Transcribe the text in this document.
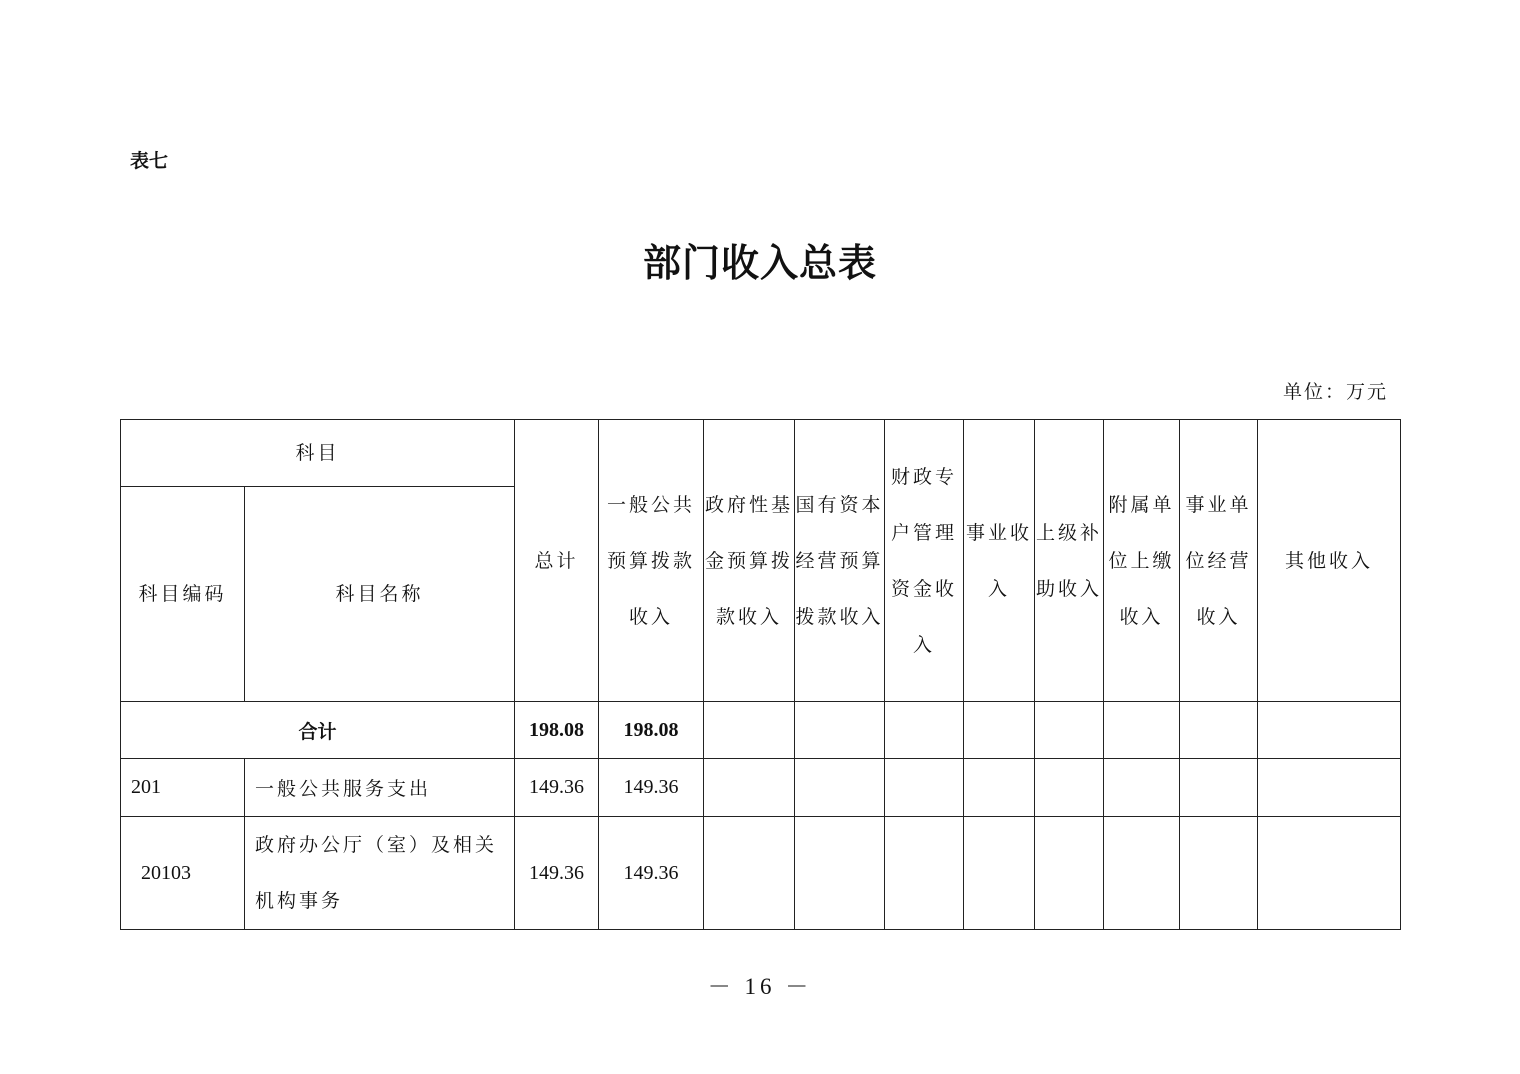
表七
部门收入总表
单位：万元
科目		总计	一般公共预算拨款收入	政府性基金预算拨款收入	国有资本经营预算拨款收入	财政专户管理资金收入	事业收入	上级补助收入	附属单位上缴收入	事业单位经营收入	其他收入
科目编码	科目名称										
合计		198.08	198.08								
201	一般公共服务支出	149.36	149.36								
20103	政府办公厅（室）及相关机构事务	149.36	149.36								
－ 16 －
